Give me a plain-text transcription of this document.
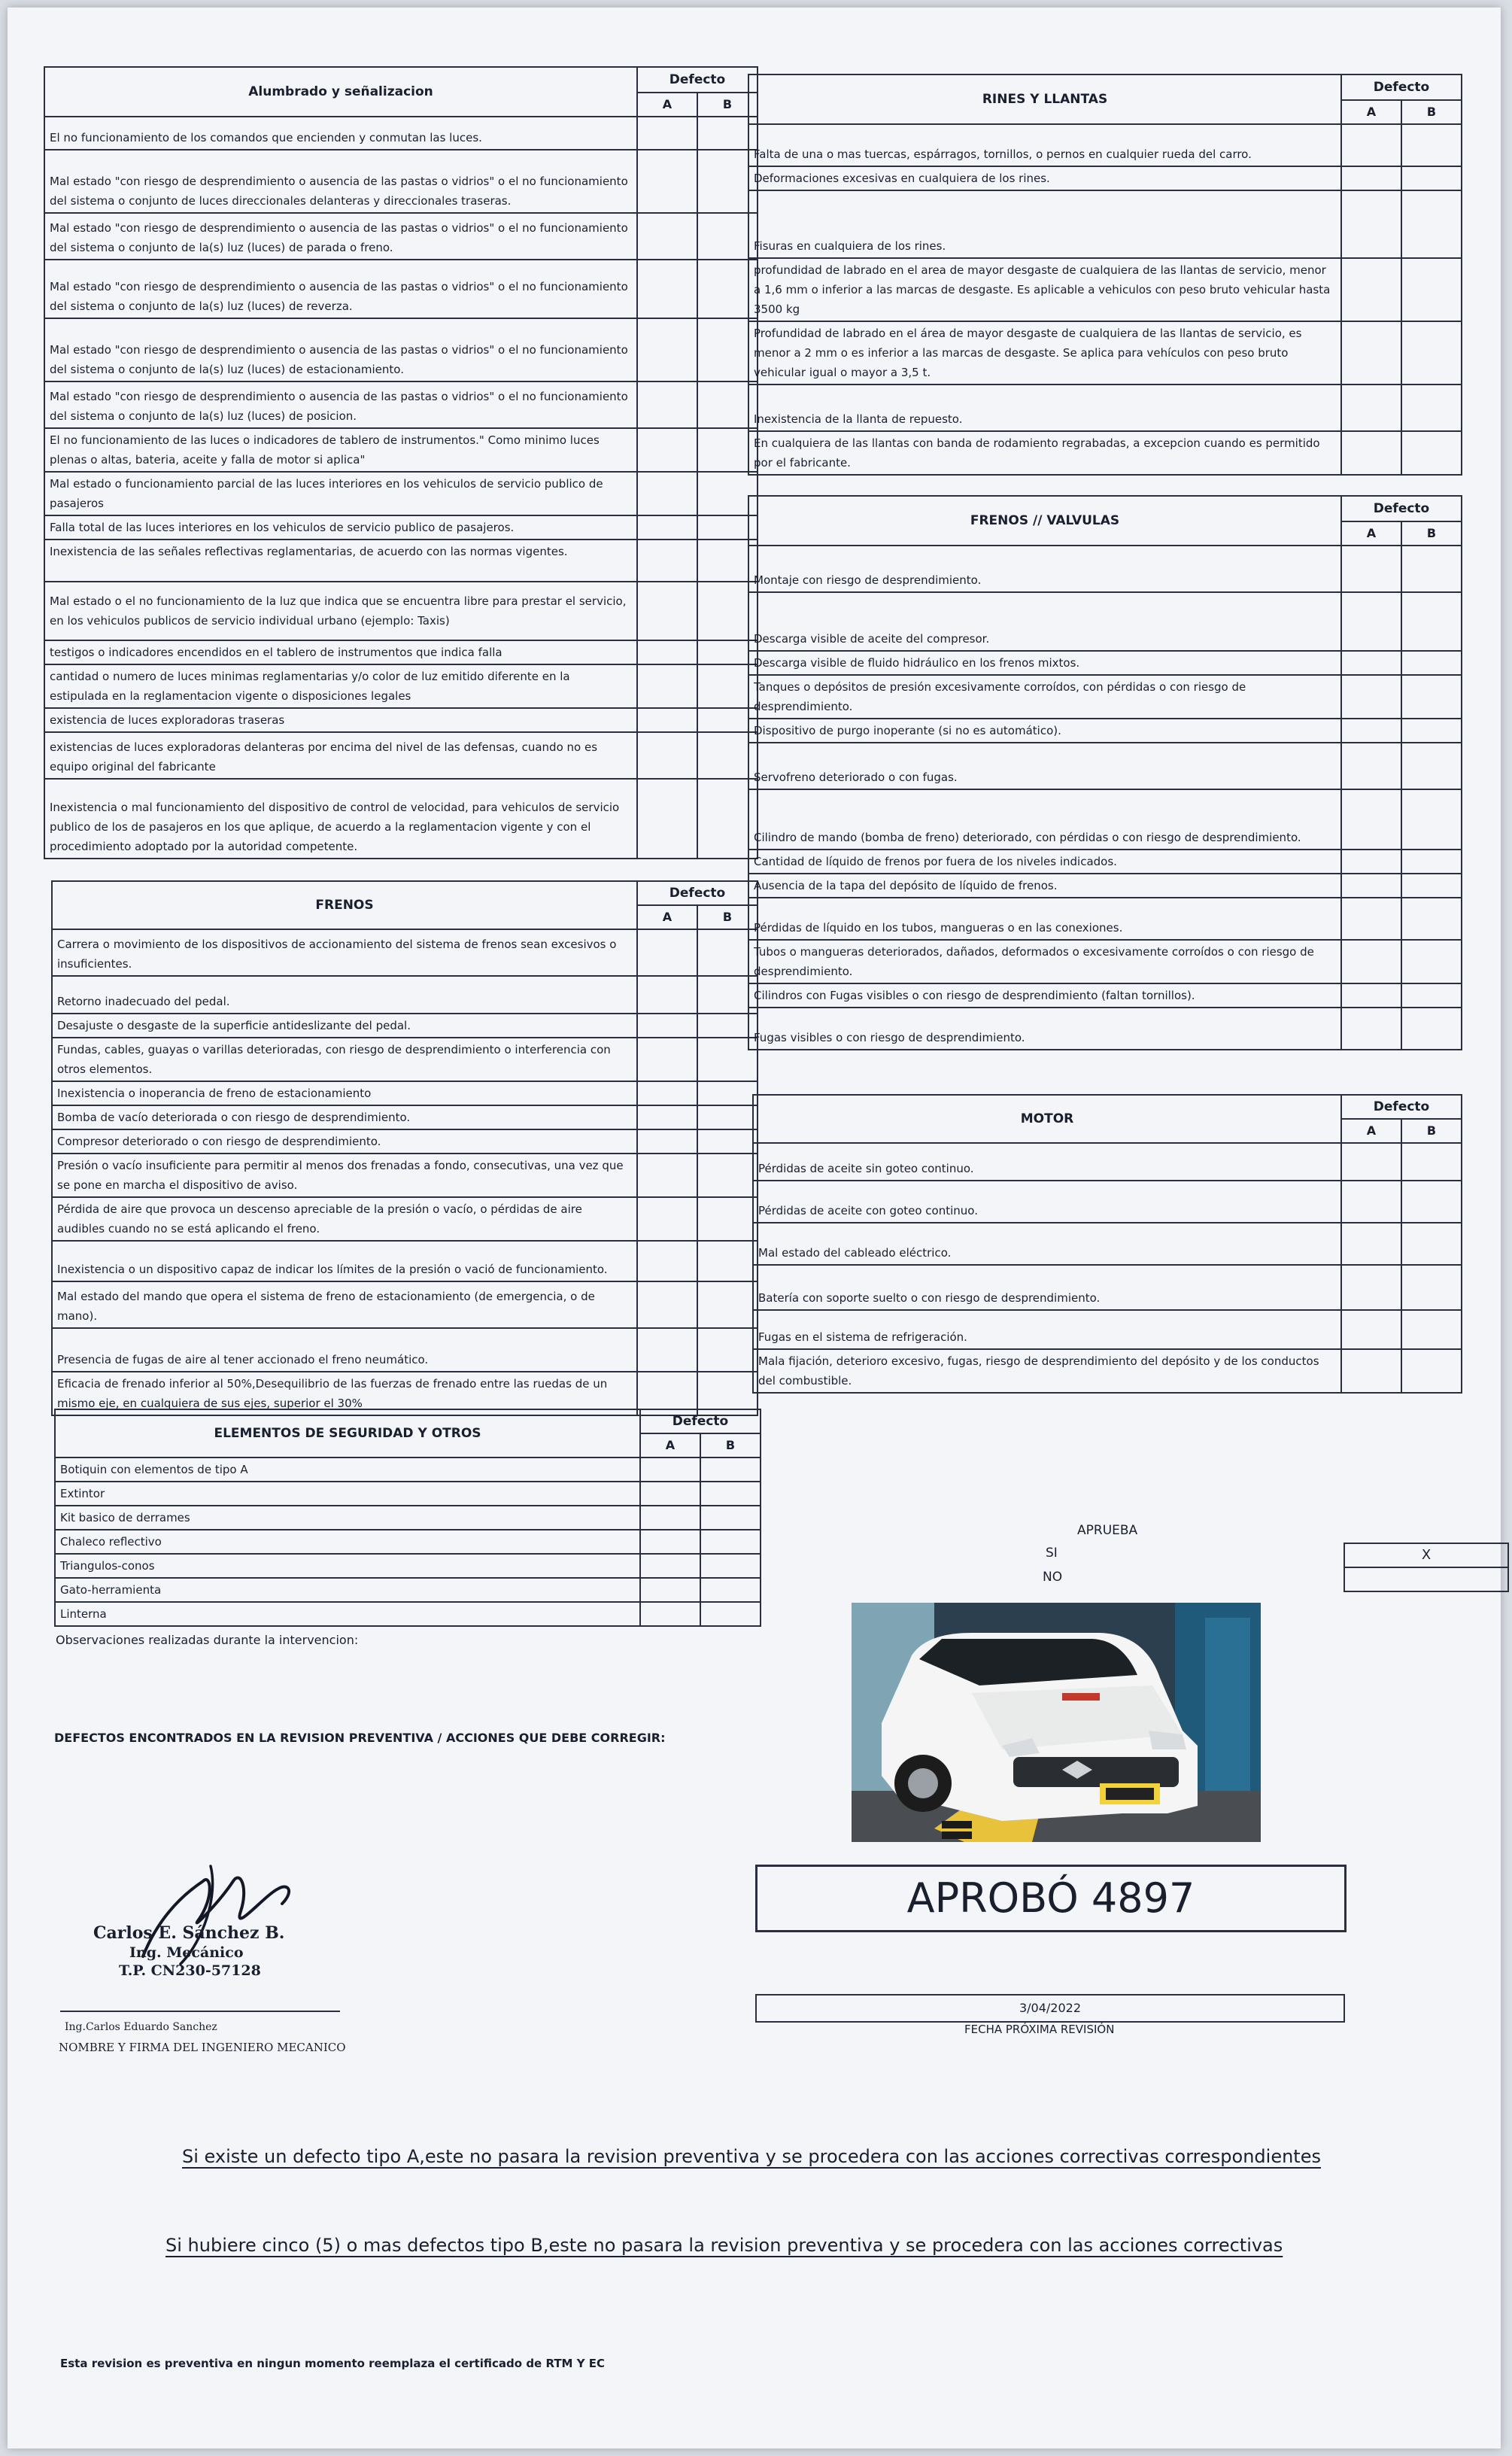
Alumbrado y señalizacion	Defecto	
	A	B
El no funcionamiento de los comandos que encienden y conmutan las luces.		
Mal estado "con riesgo de desprendimiento o ausencia de las pastas o vidrios" o el no funcionamiento del sistema o conjunto de luces direccionales delanteras y direccionales traseras.		
Mal estado "con riesgo de desprendimiento o ausencia de las pastas o vidrios" o el no funcionamiento del sistema o conjunto de la(s) luz (luces) de parada o freno.		
Mal estado "con riesgo de desprendimiento o ausencia de las pastas o vidrios" o el no funcionamiento del sistema o conjunto de la(s) luz (luces) de reverza.		
Mal estado "con riesgo de desprendimiento o ausencia de las pastas o vidrios" o el no funcionamiento del sistema o conjunto de la(s) luz (luces) de estacionamiento.		
Mal estado "con riesgo de desprendimiento o ausencia de las pastas o vidrios" o el no funcionamiento del sistema o conjunto de la(s) luz (luces) de posicion.		
El no funcionamiento de las luces o indicadores de tablero de instrumentos." Como minimo luces plenas o altas, bateria, aceite y falla de motor si aplica"		
Mal estado o funcionamiento parcial de las luces interiores en los vehiculos de servicio publico de pasajeros		
Falla total de las luces interiores en los vehiculos de servicio publico de pasajeros.		
Inexistencia de las señales reflectivas reglamentarias, de acuerdo con las normas vigentes.		
Mal estado o el no funcionamiento de la luz que indica que se encuentra libre para prestar el servicio, en los vehiculos publicos de servicio individual urbano (ejemplo: Taxis)		
testigos o indicadores encendidos en el tablero de instrumentos que indica falla		
cantidad o numero de luces minimas reglamentarias y/o color de luz emitido diferente en la estipulada en la reglamentacion vigente o disposiciones legales		
existencia de luces exploradoras traseras		
existencias de luces exploradoras delanteras por encima del nivel de las defensas, cuando no es equipo original del fabricante		
Inexistencia o mal funcionamiento del dispositivo de control de velocidad, para vehiculos de servicio publico de los de pasajeros en los que aplique, de acuerdo a la reglamentacion vigente y con el procedimiento adoptado por la autoridad competente.		
FRENOS	Defecto	
	A	B
Carrera o movimiento de los dispositivos de accionamiento del sistema de frenos sean excesivos o insuficientes.		
Retorno inadecuado del pedal.		
Desajuste o desgaste de la superficie antideslizante del pedal.		
Fundas, cables, guayas o varillas deterioradas, con riesgo de desprendimiento o interferencia con otros elementos.		
Inexistencia o inoperancia de freno de estacionamiento		
Bomba de vacío deteriorada o con riesgo de desprendimiento.		
Compresor deteriorado o con riesgo de desprendimiento.		
Presión o vacío insuficiente para permitir al menos dos frenadas a fondo, consecutivas, una vez que se pone en marcha el dispositivo de aviso.		
Pérdida de aire que provoca un descenso apreciable de la presión o vacío, o pérdidas de aire audibles cuando no se está aplicando el freno.		
Inexistencia o un dispositivo capaz de indicar los límites de la presión o vació de funcionamiento.		
Mal estado del mando que opera el sistema de freno de estacionamiento (de emergencia, o de mano).		
Presencia de fugas de aire al tener accionado el freno neumático.		
Eficacia de frenado inferior al 50%,Desequilibrio de las fuerzas de frenado entre las ruedas de un mismo eje, en cualquiera de sus ejes, superior el 30%		
ELEMENTOS DE SEGURIDAD Y OTROS	Defecto	
	A	B
Botiquin con elementos de tipo A		
Extintor		
Kit basico de derrames		
Chaleco reflectivo		
Triangulos-conos		
Gato-herramienta		
Linterna		
RINES Y LLANTAS	Defecto	
	A	B
Falta de una o mas tuercas, espárragos, tornillos, o pernos en cualquier rueda del carro.		
Deformaciones excesivas en cualquiera de los rines.		
Fisuras en cualquiera de los rines.		
profundidad de labrado en el area de mayor desgaste de cualquiera de las llantas de servicio, menor a 1,6 mm o inferior a las marcas de desgaste. Es aplicable a vehiculos con peso bruto vehicular hasta 3500 kg		
Profundidad de labrado en el área de mayor desgaste de cualquiera de las llantas de servicio, es menor a 2 mm o es inferior a las marcas de desgaste. Se aplica para vehículos con peso bruto vehicular igual o mayor a 3,5 t.		
Inexistencia de la llanta de repuesto.		
En cualquiera de las llantas con banda de rodamiento regrabadas, a excepcion cuando es permitido por el fabricante.		
FRENOS // VALVULAS	Defecto	
	A	B
Montaje con riesgo de desprendimiento.		
Descarga visible de aceite del compresor.		
Descarga visible de fluido hidráulico en los frenos mixtos.		
Tanques o depósitos de presión excesivamente corroídos, con pérdidas o con riesgo de desprendimiento.		
Dispositivo de purgo inoperante (si no es automático).		
Servofreno deteriorado o con fugas.		
Cilindro de mando (bomba de freno) deteriorado, con pérdidas o con riesgo de desprendimiento.		
Cantidad de líquido de frenos por fuera de los niveles indicados.		
Ausencia de la tapa del depósito de líquido de frenos.		
Pérdidas de líquido en los tubos, mangueras o en las conexiones.		
Tubos o mangueras deteriorados, dañados, deformados o excesivamente corroídos o con riesgo de desprendimiento.		
Cilindros con Fugas visibles o con riesgo de desprendimiento (faltan tornillos).		
Fugas visibles o con riesgo de desprendimiento.		
MOTOR	Defecto	
	A	B
Pérdidas de aceite sin goteo continuo.		
Pérdidas de aceite con goteo continuo.		
Mal estado del cableado eléctrico.		
Batería con soporte suelto o con riesgo de desprendimiento.		
Fugas en el sistema de refrigeración.		
Mala fijación, deterioro excesivo, fugas, riesgo de desprendimiento del depósito y de los conductos del combustible.		
Observaciones realizadas durante la intervencion:
DEFECTOS ENCONTRADOS EN LA REVISION PREVENTIVA / ACCIONES QUE DEBE CORREGIR:
APRUEBA
SI
NO
X
APROBÓ 4897
3/04/2022
FECHA PRÓXIMA REVISIÓN
Carlos E. Sánchez B.
Ing. Mecánico
T.P. CN230-57128
Ing.Carlos Eduardo Sanchez
NOMBRE Y FIRMA DEL INGENIERO MECANICO
Si existe un defecto tipo A,este no pasara la revision preventiva y se procedera con las acciones correctivas correspondientes
Si hubiere cinco (5) o mas defectos tipo B,este no pasara la revision preventiva y se procedera con las acciones correctivas
Esta revision es preventiva en ningun momento reemplaza el certificado de RTM Y EC
